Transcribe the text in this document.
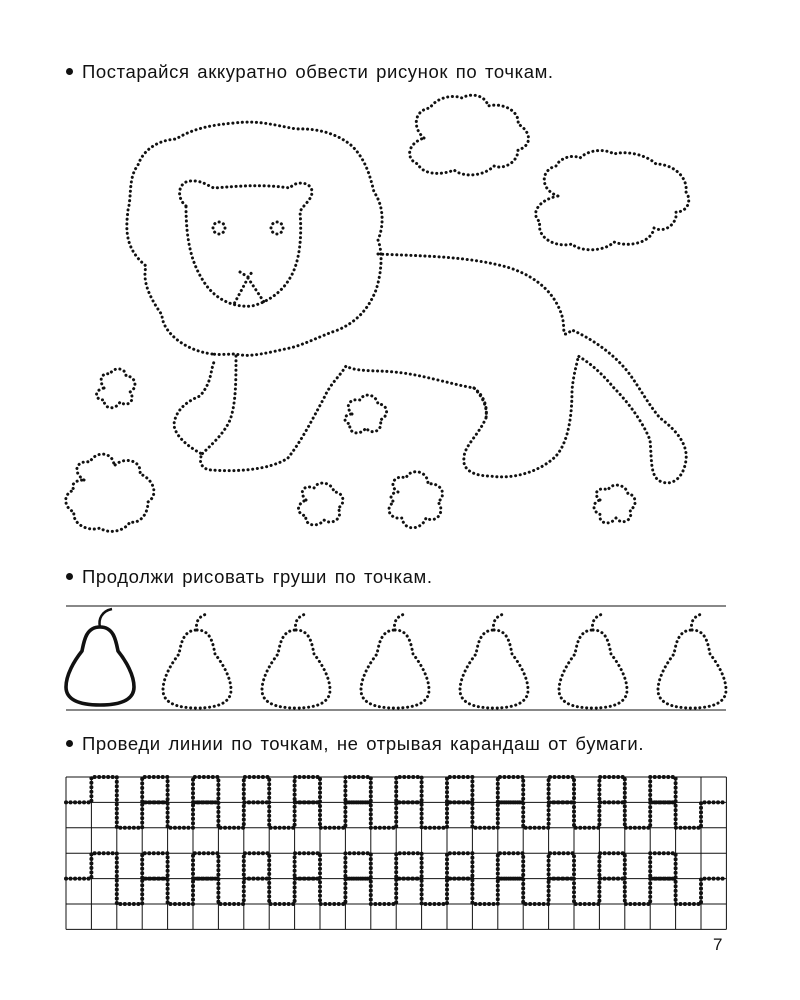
Постарайся аккуратно обвести рисунок по точкам.
Продолжи рисовать груши по точкам.
Проведи линии по точкам, не отрывая карандаш от бумаги.
7
